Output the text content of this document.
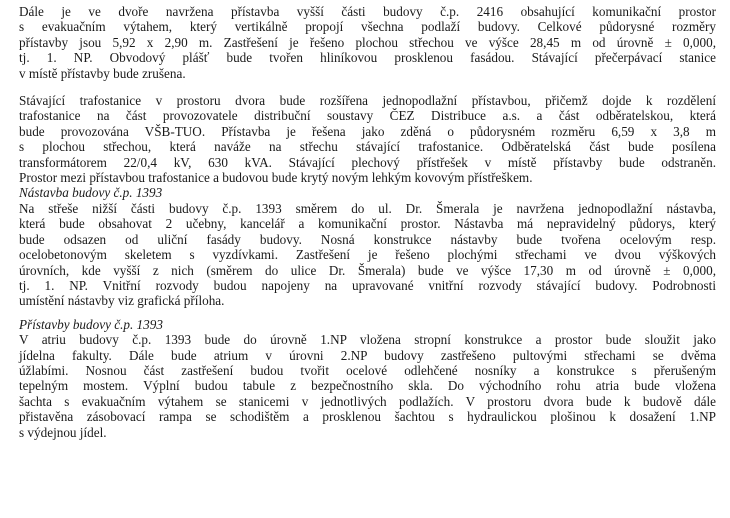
Dále je ve dvoře navržena přístavba vyšší části budovy č.p. 2416 obsahující komunikační prostor
s evakuačním výtahem, který vertikálně propojí všechna podlaží budovy. Celkové půdorysné rozměry
přístavby jsou 5,92 x 2,90 m. Zastřešení je řešeno plochou střechou ve výšce 28,45 m od úrovně ± 0,000,
tj. 1. NP. Obvodový plášť bude tvořen hliníkovou prosklenou fasádou. Stávající přečerpávací stanice
v místě přístavby bude zrušena.
Stávající trafostanice v prostoru dvora bude rozšířena jednopodlažní přístavbou, přičemž dojde k rozdělení
trafostanice na část provozovatele distribuční soustavy ČEZ Distribuce a.s. a část odběratelskou, která
bude provozována VŠB-TUO. Přístavba je řešena jako zděná o půdorysném rozměru 6,59 x 3,8 m
s plochou střechou, která naváže na střechu stávající trafostanice. Odběratelská část bude posílena
transformátorem 22/0,4 kV, 630 kVA. Stávající plechový přístřešek v místě přístavby bude odstraněn.
Prostor mezi přístavbou trafostanice a budovou bude krytý novým lehkým kovovým přístřeškem.
Nástavba budovy č.p. 1393
Na střeše nižší části budovy č.p. 1393 směrem do ul. Dr. Šmerala je navržena jednopodlažní nástavba,
která bude obsahovat 2 učebny, kancelář a komunikační prostor. Nástavba má nepravidelný půdorys, který
bude odsazen od uliční fasády budovy. Nosná konstrukce nástavby bude tvořena ocelovým resp.
ocelobetonovým skeletem s vyzdívkami. Zastřešení je řešeno plochými střechami ve dvou výškových
úrovních, kde vyšší z nich (směrem do ulice Dr. Šmerala) bude ve výšce 17,30 m od úrovně ± 0,000,
tj. 1. NP. Vnitřní rozvody budou napojeny na upravované vnitřní rozvody stávající budovy. Podrobnosti
umístění nástavby viz grafická příloha.
Přístavby budovy č.p. 1393
V atriu budovy č.p. 1393 bude do úrovně 1.NP vložena stropní konstrukce a prostor bude sloužit jako
jídelna fakulty. Dále bude atrium v úrovni 2.NP budovy zastřešeno pultovými střechami se dvěma
úžlabími. Nosnou část zastřešení budou tvořit ocelové odlehčené nosníky a konstrukce s přerušeným
tepelným mostem. Výplní budou tabule z bezpečnostního skla. Do východního rohu atria bude vložena
šachta s evakuačním výtahem se stanicemi v jednotlivých podlažích. V prostoru dvora bude k budově dále
přistavěna zásobovací rampa se schodištěm a prosklenou šachtou s hydraulickou plošinou k dosažení 1.NP
s výdejnou jídel.
